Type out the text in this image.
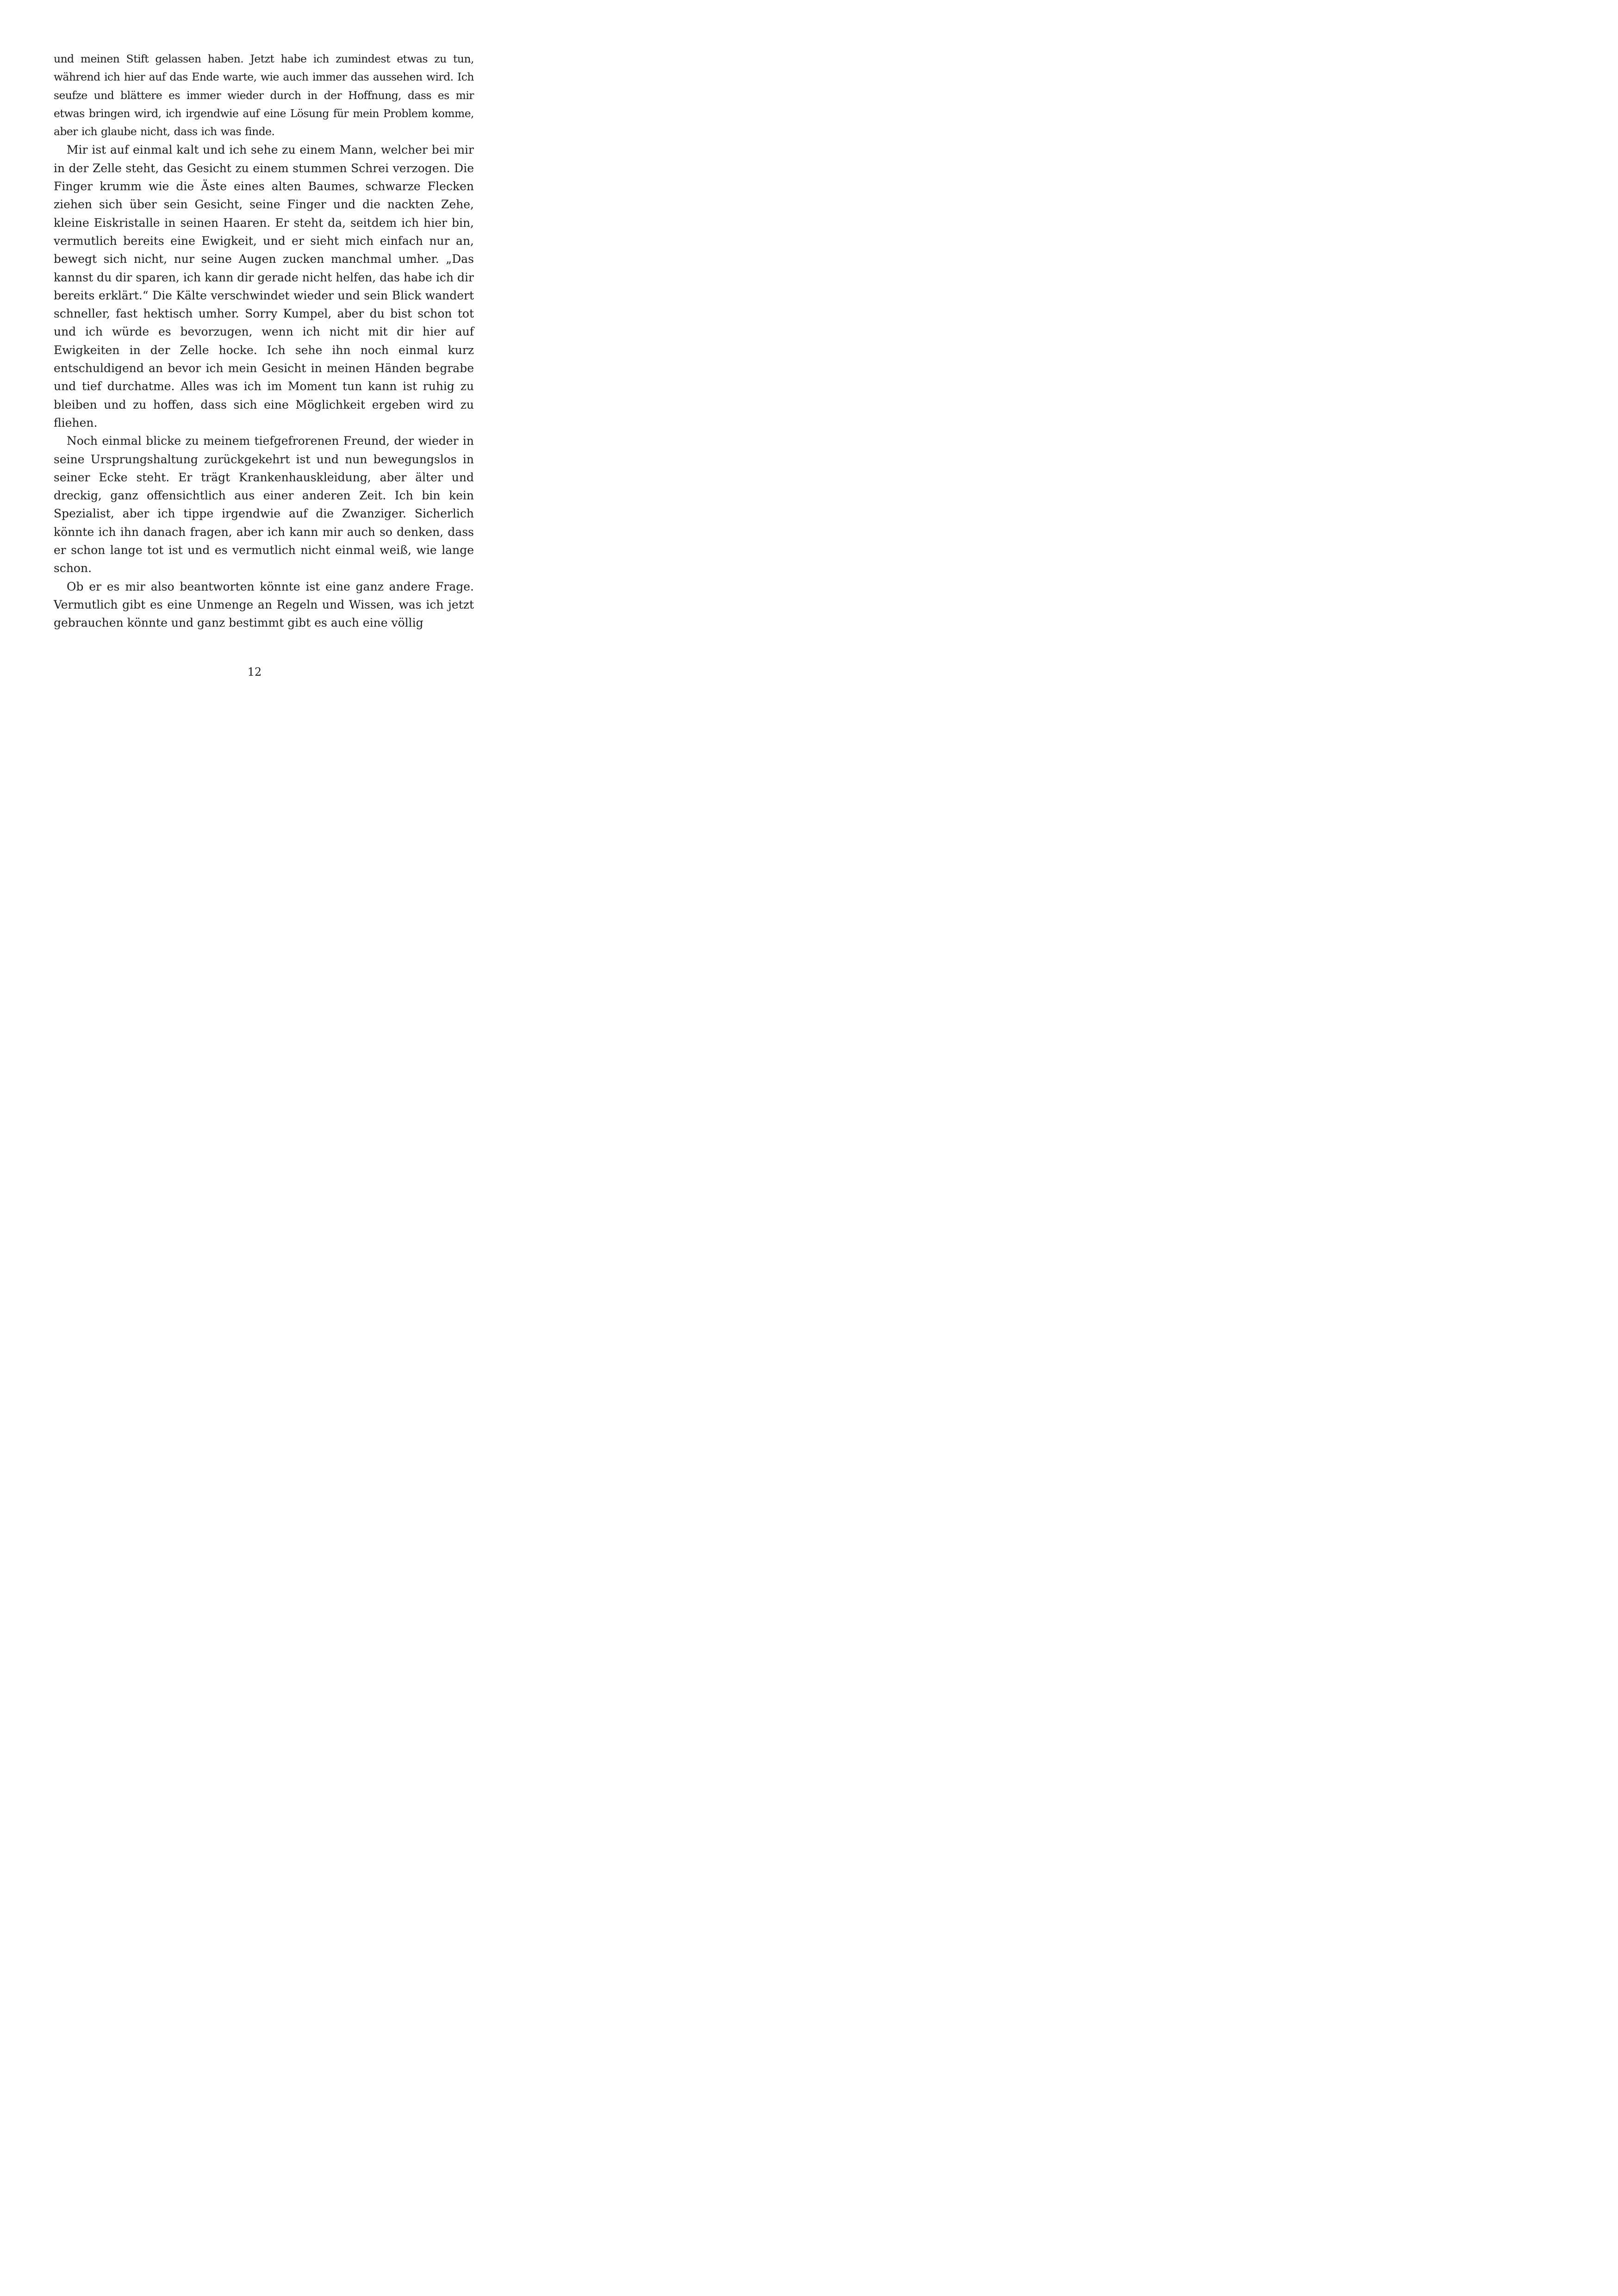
und meinen Stift gelassen haben. Jetzt habe ich zumindest etwas zu tun, während ich hier auf das Ende warte, wie auch immer das aussehen wird. Ich seufze und blättere es immer wieder durch in der Hoffnung, dass es mir etwas bringen wird, ich irgendwie auf eine Lösung für mein Problem komme, aber ich glaube nicht, dass ich was finde.

Mir ist auf einmal kalt und ich sehe zu einem Mann, welcher bei mir in der Zelle steht, das Gesicht zu einem stummen Schrei verzogen. Die Finger krumm wie die Äste eines alten Baumes, schwarze Flecken ziehen sich über sein Gesicht, seine Finger und die nackten Zehe, kleine Eiskristalle in seinen Haaren. Er steht da, seitdem ich hier bin, vermutlich bereits eine Ewigkeit, und er sieht mich einfach nur an, bewegt sich nicht, nur seine Augen zucken manchmal umher. „Das kannst du dir sparen, ich kann dir gerade nicht helfen, das habe ich dir bereits erklärt.“ Die Kälte verschwindet wieder und sein Blick wandert schneller, fast hektisch umher. Sorry Kumpel, aber du bist schon tot und ich würde es bevorzugen, wenn ich nicht mit dir hier auf Ewigkeiten in der Zelle hocke. Ich sehe ihn noch einmal kurz entschuldigend an bevor ich mein Gesicht in meinen Händen begrabe und tief durchatme. Alles was ich im Moment tun kann ist ruhig zu bleiben und zu hoffen, dass sich eine Möglichkeit ergeben wird zu fliehen.

Noch einmal blicke zu meinem tiefgefrorenen Freund, der wieder in seine Ursprungshaltung zurückgekehrt ist und nun bewegungslos in seiner Ecke steht. Er trägt Krankenhauskleidung, aber älter und dreckig, ganz offensichtlich aus einer anderen Zeit. Ich bin kein Spezialist, aber ich tippe irgendwie auf die Zwanziger. Sicherlich könnte ich ihn danach fragen, aber ich kann mir auch so denken, dass er schon lange tot ist und es vermutlich nicht einmal weiß, wie lange schon.

Ob er es mir also beantworten könnte ist eine ganz andere Frage. Vermutlich gibt es eine Unmenge an Regeln und Wissen, was ich jetzt gebrauchen könnte und ganz bestimmt gibt es auch eine völlig

12
